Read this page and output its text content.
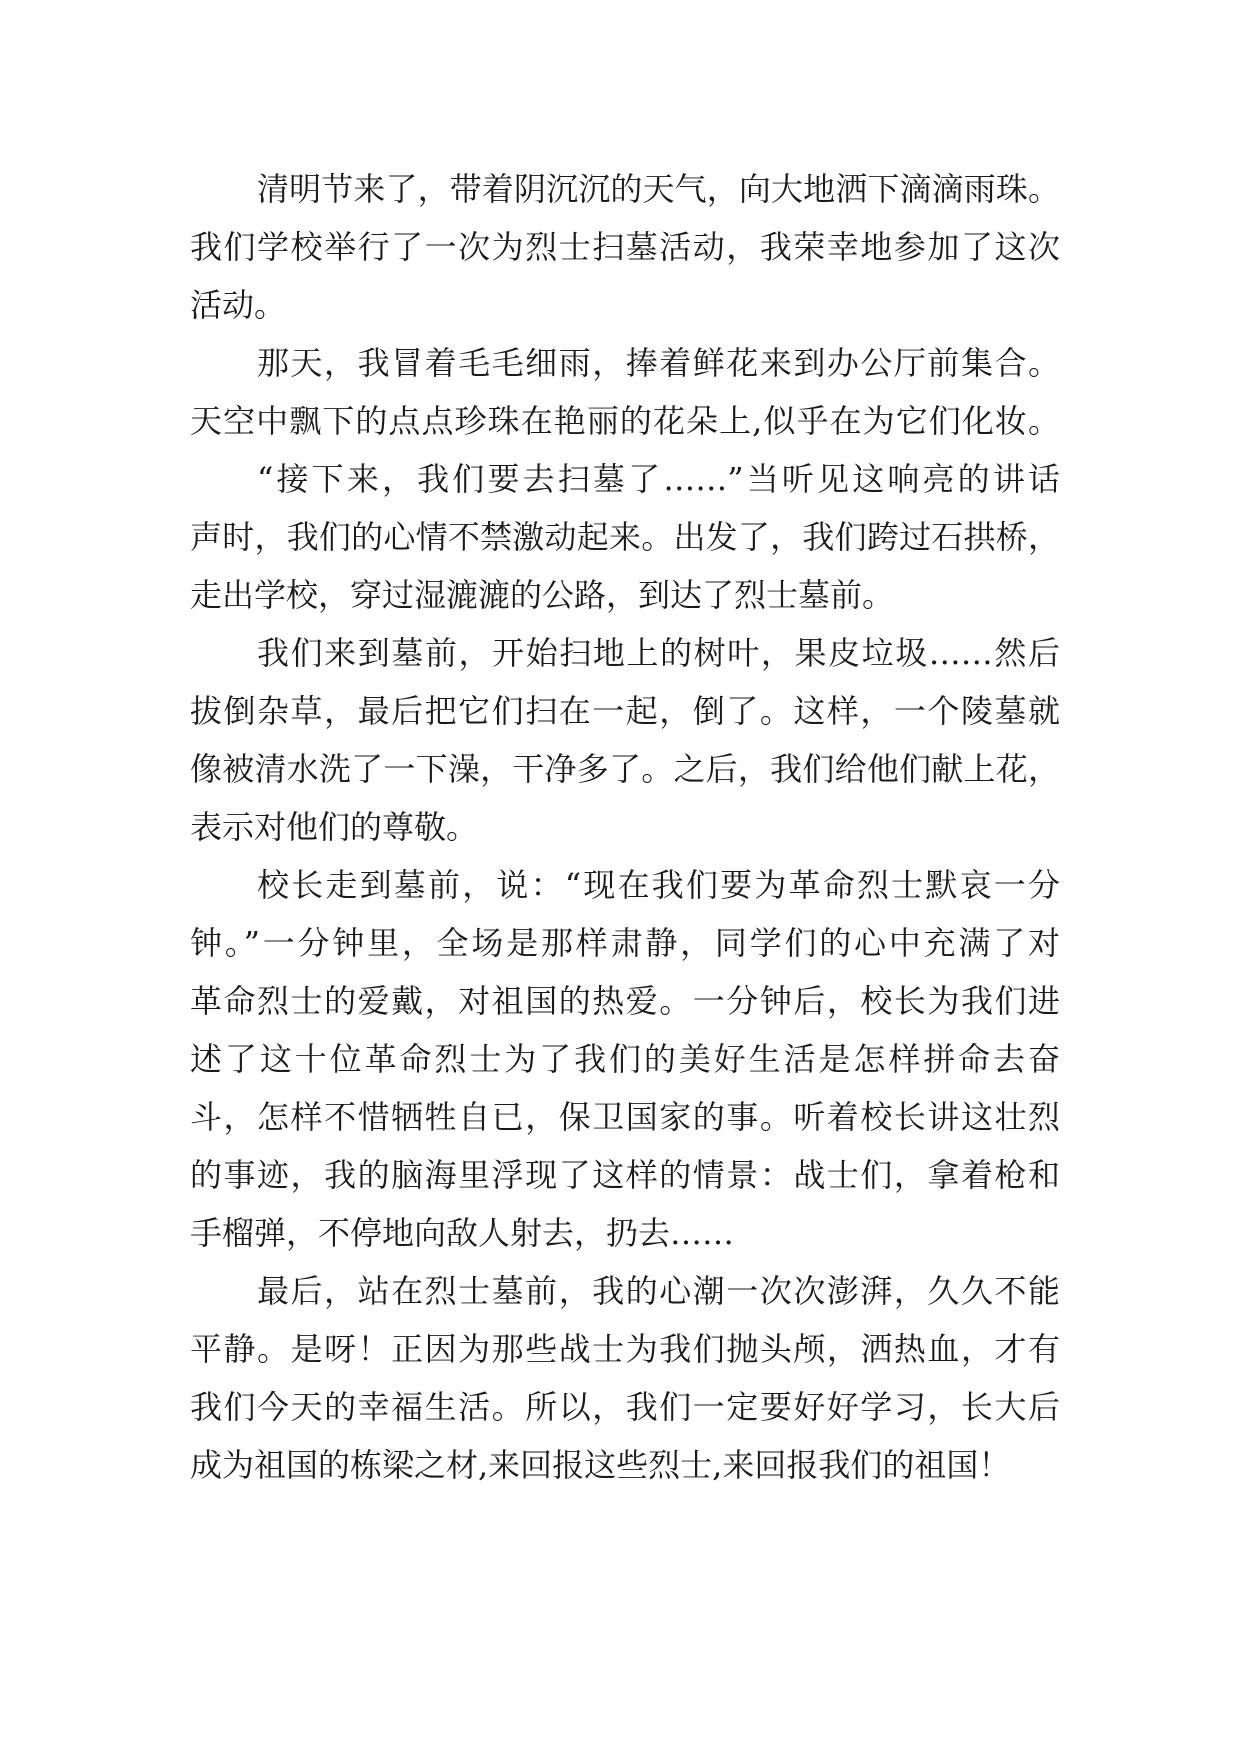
清明节来了，带着阴沉沉的天气，向大地洒下滴滴雨珠。
我们学校举行了一次为烈士扫墓活动，我荣幸地参加了这次
活动。
那天，我冒着毛毛细雨，捧着鲜花来到办公厅前集合。
天空中飘下的点点珍珠在艳丽的花朵上,似乎在为它们化妆。
“接下来，我们要去扫墓了……”当听见这响亮的讲话
声时，我们的心情不禁激动起来。出发了，我们跨过石拱桥，
走出学校，穿过湿漉漉的公路，到达了烈士墓前。
我们来到墓前，开始扫地上的树叶，果皮垃圾……然后
拔倒杂草，最后把它们扫在一起，倒了。这样，一个陵墓就
像被清水洗了一下澡，干净多了。之后，我们给他们献上花，
表示对他们的尊敬。
校长走到墓前，说：“现在我们要为革命烈士默哀一分
钟。”一分钟里，全场是那样肃静，同学们的心中充满了对
革命烈士的爱戴，对祖国的热爱。一分钟后，校长为我们进
述了这十位革命烈士为了我们的美好生活是怎样拼命去奋
斗，怎样不惜牺牲自已，保卫国家的事。听着校长讲这壮烈
的事迹，我的脑海里浮现了这样的情景：战士们，拿着枪和
手榴弹，不停地向敌人射去，扔去……
最后，站在烈士墓前，我的心潮一次次澎湃，久久不能
平静。是呀！正因为那些战士为我们抛头颅，洒热血，才有
我们今天的幸福生活。所以，我们一定要好好学习，长大后
成为祖国的栋梁之材,来回报这些烈士,来回报我们的祖国！
